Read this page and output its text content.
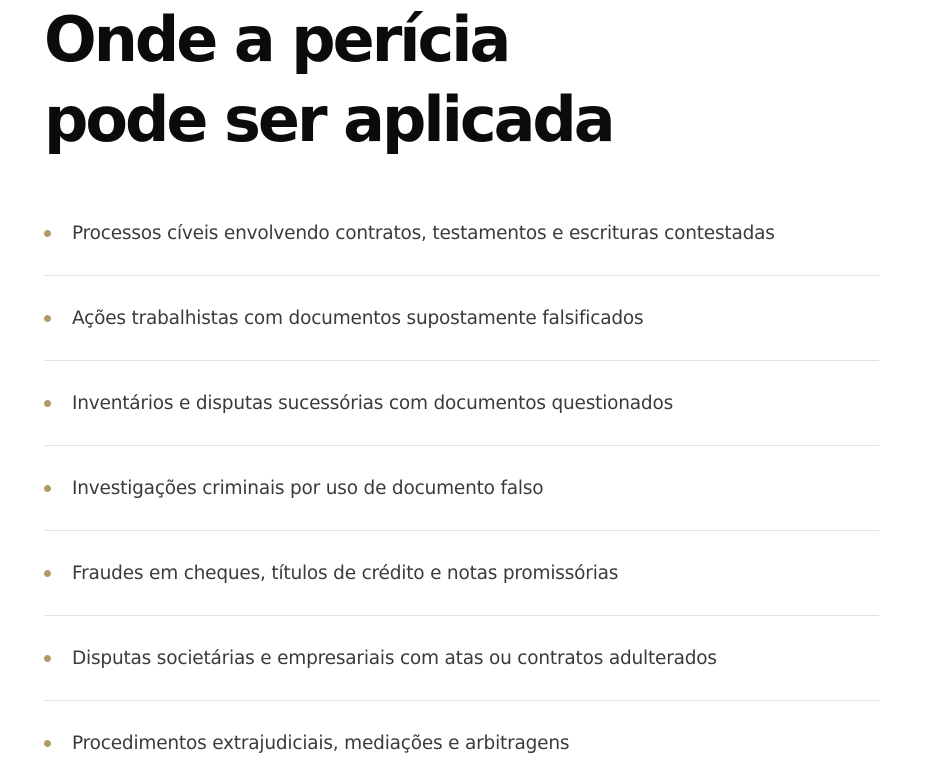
Onde a perícia
pode ser aplicada
Processos cíveis envolvendo contratos, testamentos e escrituras contestadas
Ações trabalhistas com documentos supostamente falsificados
Inventários e disputas sucessórias com documentos questionados
Investigações criminais por uso de documento falso
Fraudes em cheques, títulos de crédito e notas promissórias
Disputas societárias e empresariais com atas ou contratos adulterados
Procedimentos extrajudiciais, mediações e arbitragens
